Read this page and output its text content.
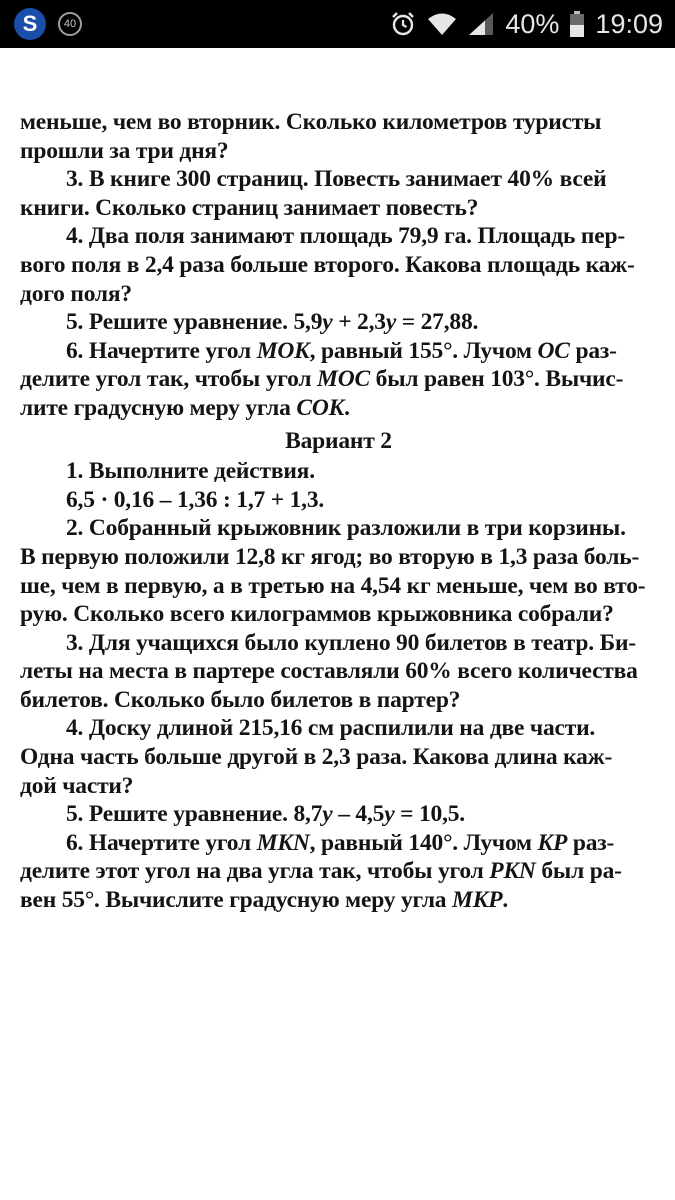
S	40	40% 19:09
меньше, чем во вторник. Сколько километров туристы
прошли за три дня?
3. В книге 300 страниц. Повесть занимает 40% всей
книги. Сколько страниц занимает повесть?
4. Два поля занимают площадь 79,9 га. Площадь пер-
вого поля в 2,4 раза больше второго. Какова площадь каж-
дого поля?
5. Решите уравнение. 5,9y + 2,3y = 27,88.
6. Начертите угол MOK, равный 155°. Лучом OC раз-
делите угол так, чтобы угол MOC был равен 103°. Вычис-
лите градусную меру угла COK.
Вариант 2
1. Выполните действия.
6,5 · 0,16 – 1,36 : 1,7 + 1,3.
2. Собранный крыжовник разложили в три корзины.
В первую положили 12,8 кг ягод; во вторую в 1,3 раза боль-
ше, чем в первую, а в третью на 4,54 кг меньше, чем во вто-
рую. Сколько всего килограммов крыжовника собрали?
3. Для учащихся было куплено 90 билетов в театр. Би-
леты на места в партере составляли 60% всего количества
билетов. Сколько было билетов в партер?
4. Доску длиной 215,16 см распилили на две части.
Одна часть больше другой в 2,3 раза. Какова длина каж-
дой части?
5. Решите уравнение. 8,7y – 4,5y = 10,5.
6. Начертите угол MKN, равный 140°. Лучом KP раз-
делите этот угол на два угла так, чтобы угол PKN был ра-
вен 55°. Вычислите градусную меру угла MKP.
